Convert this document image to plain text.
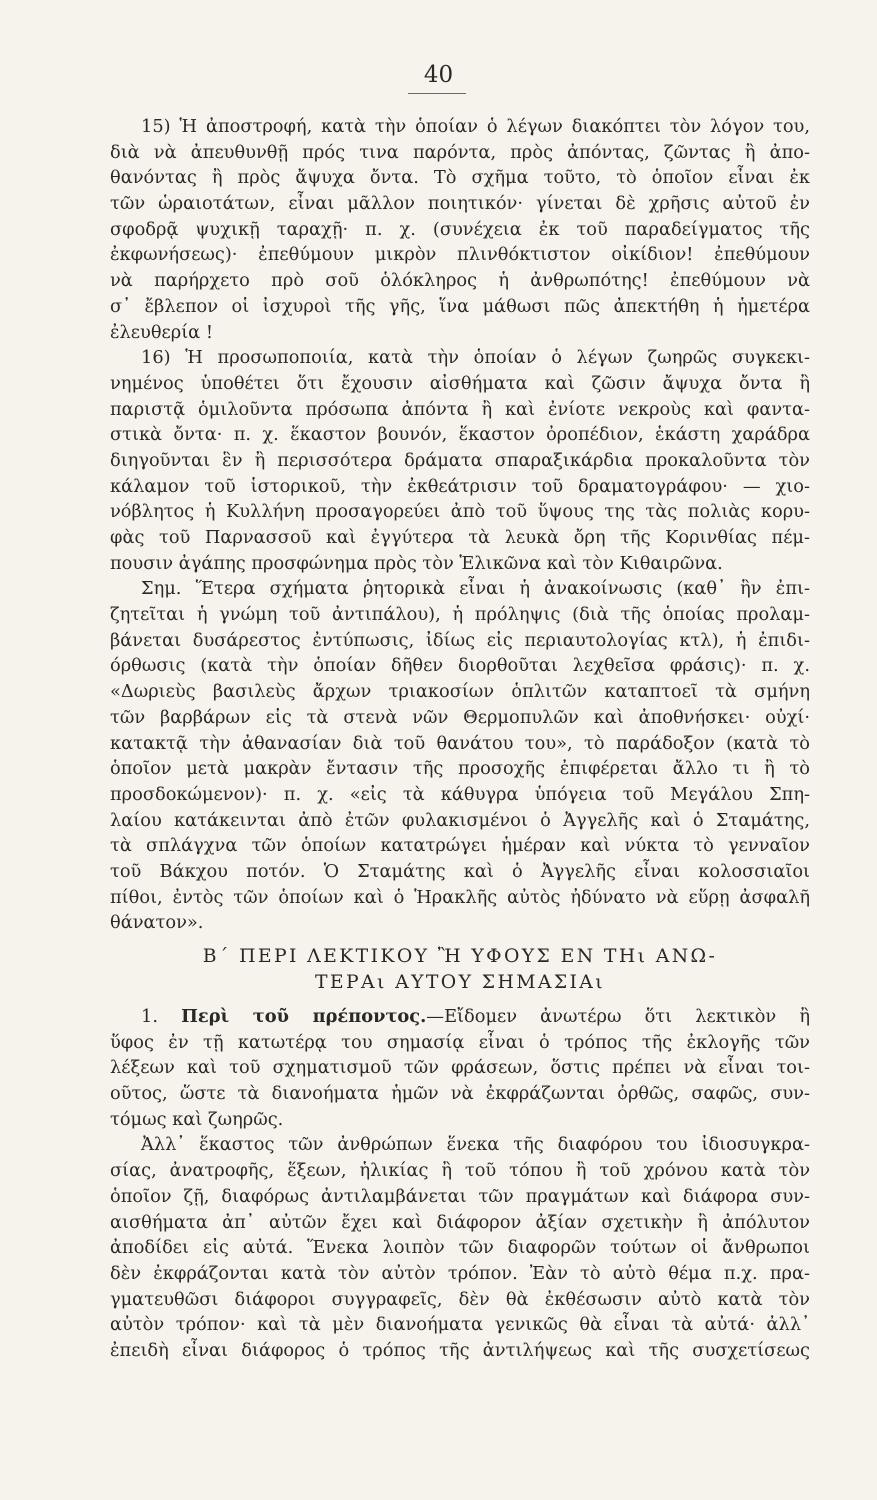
40
15) Ἡ ἀποστροφή, κατὰ τὴν ὁποίαν ὁ λέγων διακόπτει τὸν λόγον του,
διὰ νὰ ἀπευθυνθῇ πρός τινα παρόντα, πρὸς ἀπόντας, ζῶντας ἢ ἀπο-
θανόντας ἢ πρὸς ἄψυχα ὄντα. Τὸ σχῆμα τοῦτο, τὸ ὁποῖον εἶναι ἐκ
τῶν ὡραιοτάτων, εἶναι μᾶλλον ποιητικόν· γίνεται δὲ χρῆσις αὐτοῦ ἐν
σφοδρᾷ ψυχικῇ ταραχῇ· π. χ. (συνέχεια ἐκ τοῦ παραδείγματος τῆς
ἐκφωνήσεως)· ἐπεθύμουν μικρὸν πλινθόκτιστον οἰκίδιον! ἐπεθύμουν
νὰ παρήρχετο πρὸ σοῦ ὁλόκληρος ἡ ἀνθρωπότης! ἐπεθύμουν νὰ
σ᾽ ἔβλεπον οἱ ἰσχυροὶ τῆς γῆς, ἵνα μάθωσι πῶς ἀπεκτήθη ἡ ἡμετέρα
ἐλευθερία !
16) Ἡ προσωποποιία, κατὰ τὴν ὁποίαν ὁ λέγων ζωηρῶς συγκεκι-
νημένος ὑποθέτει ὅτι ἔχουσιν αἰσθήματα καὶ ζῶσιν ἄψυχα ὄντα ἢ
παριστᾷ ὁμιλοῦντα πρόσωπα ἀπόντα ἢ καὶ ἐνίοτε νεκροὺς καὶ φαντα-
στικὰ ὄντα· π. χ. ἕκαστον βουνόν, ἕκαστον ὀροπέδιον, ἑκάστη χαράδρα
διηγοῦνται ἓν ἢ περισσότερα δράματα σπαραξικάρδια προκαλοῦντα τὸν
κάλαμον τοῦ ἱστορικοῦ, τὴν ἐκθεάτρισιν τοῦ δραματογράφου· — χιο-
νόβλητος ἡ Κυλλήνη προσαγορεύει ἀπὸ τοῦ ὕψους της τὰς πολιὰς κορυ-
φὰς τοῦ Παρνασσοῦ καὶ ἐγγύτερα τὰ λευκὰ ὄρη τῆς Κορινθίας πέμ-
πουσιν ἀγάπης προσφώνημα πρὸς τὸν Ἑλικῶνα καὶ τὸν Κιθαιρῶνα.
Σημ. Ἕτερα σχήματα ῥητορικὰ εἶναι ἡ ἀνακοίνωσις (καθ᾽ ἣν ἐπι-
ζητεῖται ἡ γνώμη τοῦ ἀντιπάλου), ἡ πρόληψις (διὰ τῆς ὁποίας προλαμ-
βάνεται δυσάρεστος ἐντύπωσις, ἰδίως εἰς περιαυτολογίας κτλ), ἡ ἐπιδι-
όρθωσις (κατὰ τὴν ὁποίαν δῆθεν διορθοῦται λεχθεῖσα φράσις)· π. χ.
«Δωριεὺς βασιλεὺς ἄρχων τριακοσίων ὁπλιτῶν καταπτοεῖ τὰ σμήνη
τῶν βαρβάρων εἰς τὰ στενὰ νῶν Θερμοπυλῶν καὶ ἀποθνήσκει· οὐχί·
κατακτᾷ τὴν ἀθανασίαν διὰ τοῦ θανάτου του», τὸ παράδοξον (κατὰ τὸ
ὁποῖον μετὰ μακρὰν ἔντασιν τῆς προσοχῆς ἐπιφέρεται ἄλλο τι ἢ τὸ
προσδοκώμενον)· π. χ. «εἰς τὰ κάθυγρα ὑπόγεια τοῦ Μεγάλου Σπη-
λαίου κατάκεινται ἀπὸ ἐτῶν φυλακισμένοι ὁ Ἀγγελῆς καὶ ὁ Σταμάτης,
τὰ σπλάγχνα τῶν ὁποίων κατατρώγει ἡμέραν καὶ νύκτα τὸ γενναῖον
τοῦ Βάκχου ποτόν. Ὁ Σταμάτης καὶ ὁ Ἀγγελῆς εἶναι κολοσσιαῖοι
πίθοι, ἐντὸς τῶν ὁποίων καὶ ὁ Ἡρακλῆς αὐτὸς ἠδύνατο νὰ εὕρῃ ἀσφαλῆ
θάνατον».
Β΄ ΠΕΡΙ ΛΕΚΤΙΚΟΥ Ἢ ΥΦΟΥΣ ΕΝ ΤΗι ΑΝΩ-
ΤΕΡΑι ΑΥΤΟΥ ΣΗΜΑΣΙΑι
1. Περὶ τοῦ πρέποντος.—Εἴδομεν ἀνωτέρω ὅτι λεκτικὸν ἢ
ὕφος ἐν τῇ κατωτέρᾳ του σημασίᾳ εἶναι ὁ τρόπος τῆς ἐκλογῆς τῶν
λέξεων καὶ τοῦ σχηματισμοῦ τῶν φράσεων, ὅστις πρέπει νὰ εἶναι τοι-
οῦτος, ὥστε τὰ διανοήματα ἡμῶν νὰ ἐκφράζωνται ὀρθῶς, σαφῶς, συν-
τόμως καὶ ζωηρῶς.
Ἀλλ᾽ ἕκαστος τῶν ἀνθρώπων ἕνεκα τῆς διαφόρου του ἰδιοσυγκρα-
σίας, ἀνατροφῆς, ἕξεων, ἡλικίας ἢ τοῦ τόπου ἢ τοῦ χρόνου κατὰ τὸν
ὁποῖον ζῇ, διαφόρως ἀντιλαμβάνεται τῶν πραγμάτων καὶ διάφορα συν-
αισθήματα ἀπ᾽ αὐτῶν ἔχει καὶ διάφορον ἀξίαν σχετικὴν ἢ ἀπόλυτον
ἀποδίδει εἰς αὐτά. Ἕνεκα λοιπὸν τῶν διαφορῶν τούτων οἱ ἄνθρωποι
δὲν ἐκφράζονται κατὰ τὸν αὐτὸν τρόπον. Ἐὰν τὸ αὐτὸ θέμα π.χ. πρα-
γματευθῶσι διάφοροι συγγραφεῖς, δὲν θὰ ἐκθέσωσιν αὐτὸ κατὰ τὸν
αὐτὸν τρόπον· καὶ τὰ μὲν διανοήματα γενικῶς θὰ εἶναι τὰ αὐτά· ἀλλ᾽
ἐπειδὴ εἶναι διάφορος ὁ τρόπος τῆς ἀντιλήψεως καὶ τῆς συσχετίσεως
